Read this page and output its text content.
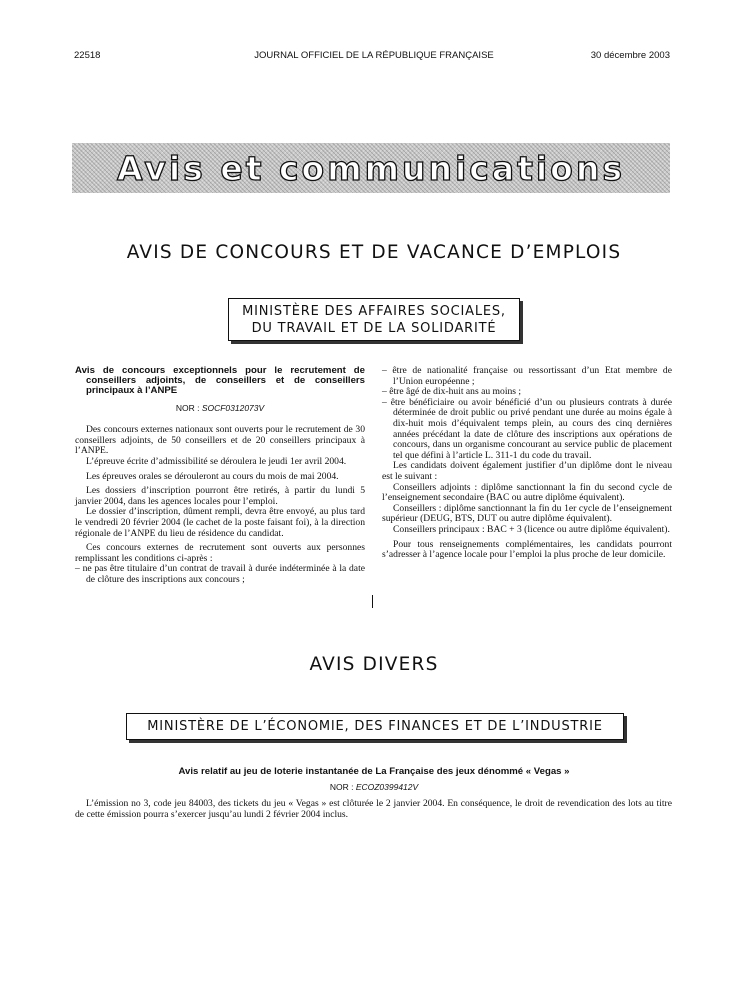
22518	JOURNAL OFFICIEL DE LA RÉPUBLIQUE FRANÇAISE	30 décembre 2003
Avis et communications
AVIS DE CONCOURS ET DE VACANCE D’EMPLOIS
MINISTÈRE DES AFFAIRES SOCIALES,
DU TRAVAIL ET DE LA SOLIDARITÉ
Avis de concours exceptionnels pour le recrutement de conseillers adjoints, de conseillers et de conseillers principaux à l’ANPE
NOR : SOCF0312073V

Des concours externes nationaux sont ouverts pour le recrutement de 30 conseillers adjoints, de 50 conseillers et de 20 conseillers principaux à l’ANPE.

L’épreuve écrite d’admissibilité se déroulera le jeudi 1er avril 2004.

Les épreuves orales se dérouleront au cours du mois de mai 2004.

Les dossiers d’inscription pourront être retirés, à partir du lundi 5 janvier 2004, dans les agences locales pour l’emploi.

Le dossier d’inscription, dûment rempli, devra être envoyé, au plus tard le vendredi 20 février 2004 (le cachet de la poste faisant foi), à la direction régionale de l’ANPE du lieu de résidence du candidat.

Ces concours externes de recrutement sont ouverts aux personnes remplissant les conditions ci-après :

– ne pas être titulaire d’un contrat de travail à durée indéterminée à la date de clôture des inscriptions aux concours ;
– être de nationalité française ou ressortissant d’un Etat membre de l’Union européenne ;
– être âgé de dix-huit ans au moins ;
– être bénéficiaire ou avoir bénéficié d’un ou plusieurs contrats à durée déterminée de droit public ou privé pendant une durée au moins égale à dix-huit mois d’équivalent temps plein, au cours des cinq dernières années précédant la date de clôture des inscriptions aux opérations de concours, dans un organisme concourant au service public de placement tel que défini à l’article L. 311-1 du code du travail.

Les candidats doivent également justifier d’un diplôme dont le niveau est le suivant :

Conseillers adjoints : diplôme sanctionnant la fin du second cycle de l’enseignement secondaire (BAC ou autre diplôme équivalent).

Conseillers : diplôme sanctionnant la fin du 1er cycle de l’enseignement supérieur (DEUG, BTS, DUT ou autre diplôme équivalent).

Conseillers principaux : BAC + 3 (licence ou autre diplôme équivalent).

Pour tous renseignements complémentaires, les candidats pourront s’adresser à l’agence locale pour l’emploi la plus proche de leur domicile.

AVIS DIVERS
MINISTÈRE DE L’ÉCONOMIE, DES FINANCES ET DE L’INDUSTRIE
Avis relatif au jeu de loterie instantanée de La Française des jeux dénommé « Vegas »
NOR : ECOZ0399412V

L’émission no 3, code jeu 84003, des tickets du jeu « Vegas » est clôturée le 2 janvier 2004. En conséquence, le droit de revendication des lots au titre de cette émission pourra s’exercer jusqu’au lundi 2 février 2004 inclus.
